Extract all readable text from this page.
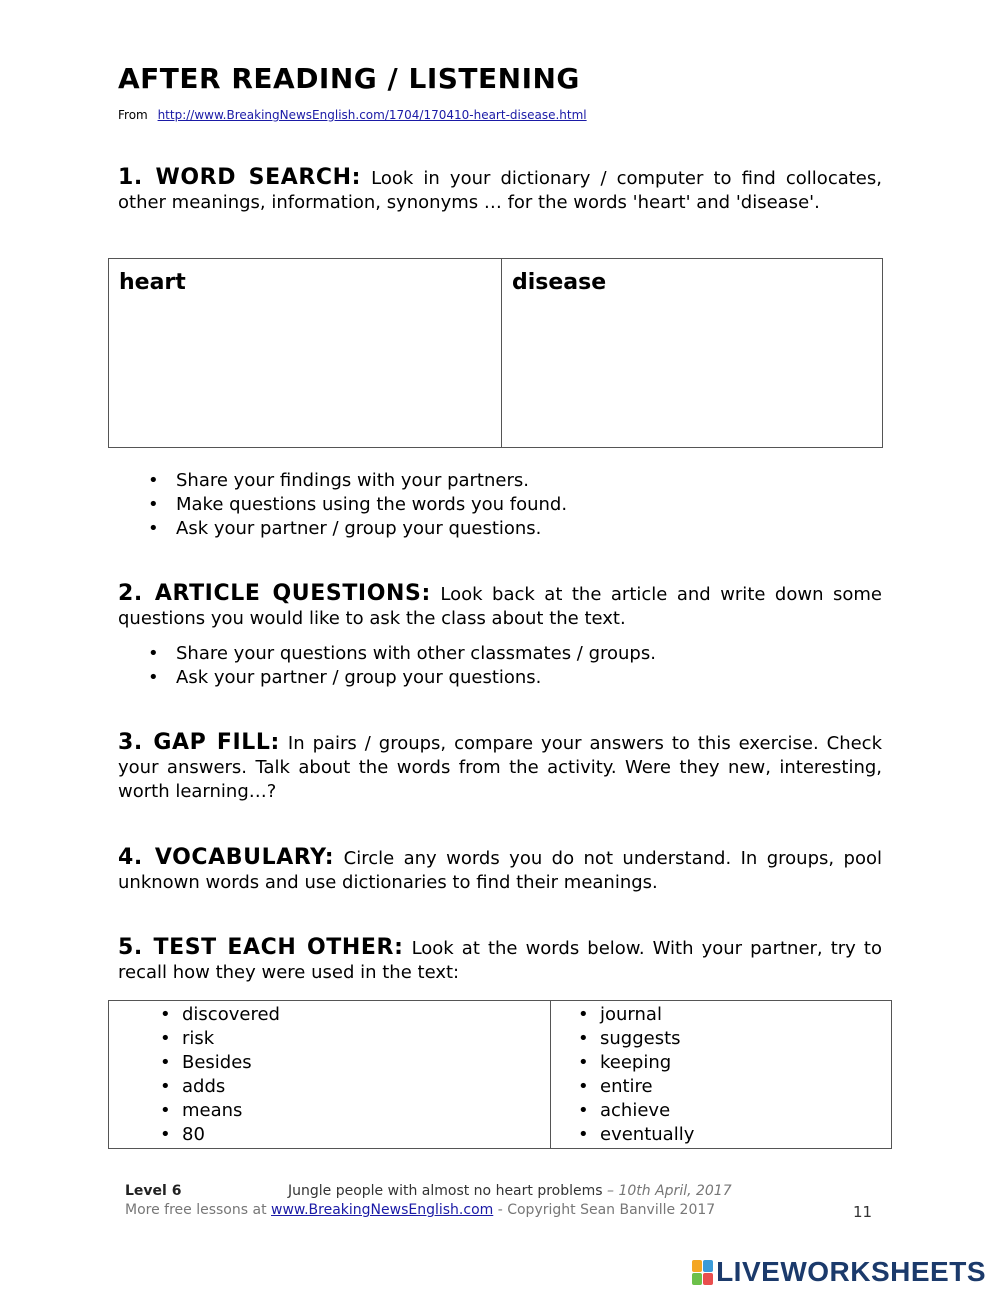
AFTER READING / LISTENING
From http://www.BreakingNewsEnglish.com/1704/170410-heart-disease.html
1. WORD SEARCH: Look in your dictionary / computer to find collocates, other meanings, information, synonyms … for the words 'heart' and 'disease'.
heart	disease
• Share your findings with your partners.
• Make questions using the words you found.
• Ask your partner / group your questions.
2. ARTICLE QUESTIONS: Look back at the article and write down some questions you would like to ask the class about the text.
• Share your questions with other classmates / groups.
• Ask your partner / group your questions.
3. GAP FILL: In pairs / groups, compare your answers to this exercise. Check your answers. Talk about the words from the activity. Were they new, interesting, worth learning…?
4. VOCABULARY: Circle any words you do not understand. In groups, pool unknown words and use dictionaries to find their meanings.
5. TEST EACH OTHER: Look at the words below. With your partner, try to recall how they were used in the text:
• discovered
• risk
• Besides
• adds
• means
• 80

• journal
• suggests
• keeping
• entire
• achieve
• eventually
Level 6	Jungle people with almost no heart problems – 10th April, 2017
More free lessons at www.BreakingNewsEnglish.com - Copyright Sean Banville 2017	11
LIVEWORKSHEETS
